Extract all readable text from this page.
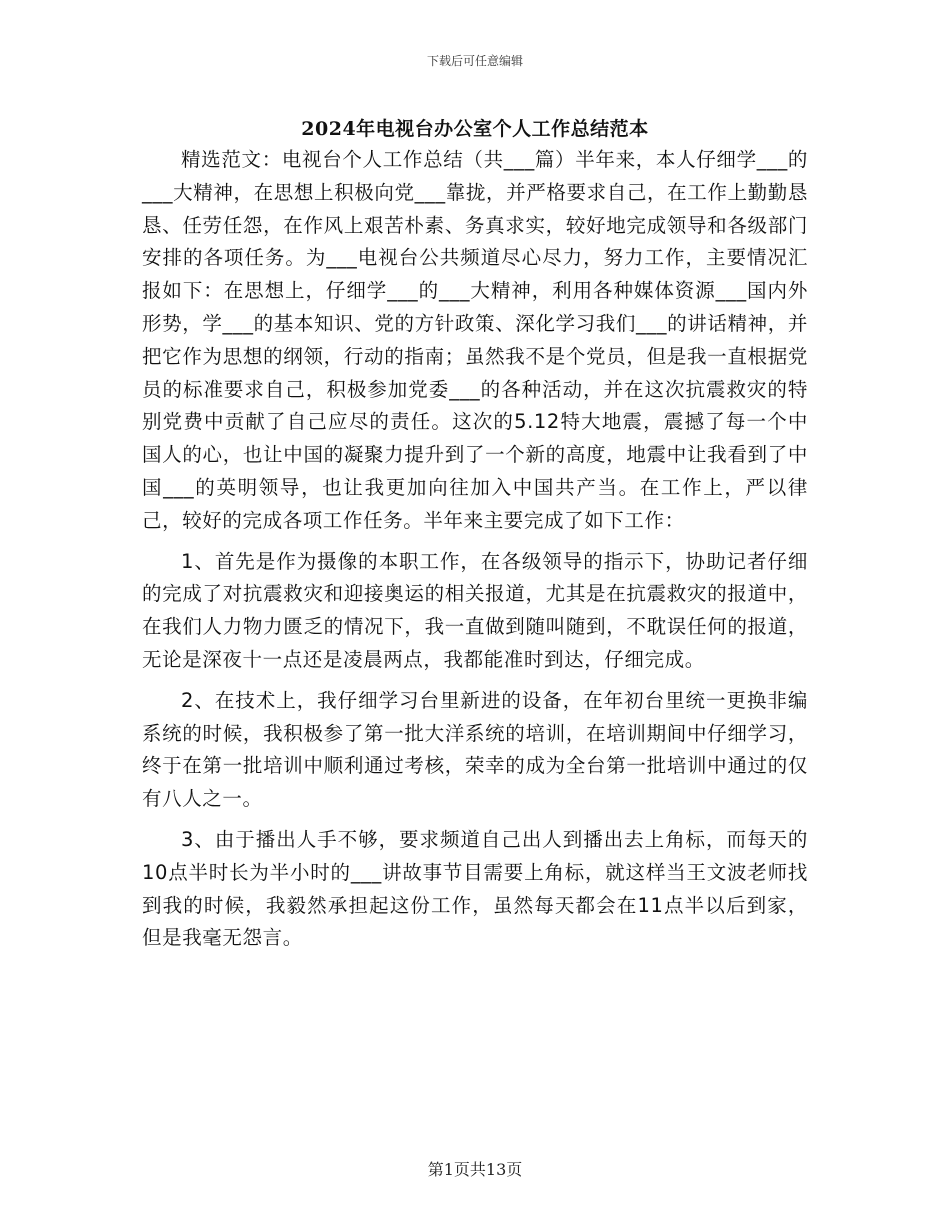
下载后可任意编辑
2024年电视台办公室个人工作总结范本

精选范文：电视台个人工作总结（共___篇）半年来，本人仔细学___的___大精神，在思想上积极向党___靠拢，并严格要求自己，在工作上勤勤恳恳、任劳任怨，在作风上艰苦朴素、务真求实，较好地完成领导和各级部门安排的各项任务。为___电视台公共频道尽心尽力，努力工作，主要情况汇报如下：在思想上，仔细学___的___大精神，利用各种媒体资源___国内外形势，学___的基本知识、党的方针政策、深化学习我们___的讲话精神，并把它作为思想的纲领，行动的指南；虽然我不是个党员，但是我一直根据党员的标准要求自己，积极参加党委___的各种活动，并在这次抗震救灾的特别党费中贡献了自己应尽的责任。这次的5.12特大地震，震撼了每一个中国人的心，也让中国的凝聚力提升到了一个新的高度，地震中让我看到了中国___的英明领导，也让我更加向往加入中国共产当。在工作上，严以律己，较好的完成各项工作任务。半年来主要完成了如下工作：

1、首先是作为摄像的本职工作，在各级领导的指示下，协助记者仔细的完成了对抗震救灾和迎接奥运的相关报道，尤其是在抗震救灾的报道中，在我们人力物力匮乏的情况下，我一直做到随叫随到，不耽误任何的报道，无论是深夜十一点还是凌晨两点，我都能准时到达，仔细完成。

2、在技术上，我仔细学习台里新进的设备，在年初台里统一更换非编系统的时候，我积极参了第一批大洋系统的培训，在培训期间中仔细学习，终于在第一批培训中顺利通过考核，荣幸的成为全台第一批培训中通过的仅有八人之一。

3、由于播出人手不够，要求频道自己出人到播出去上角标，而每天的10点半时长为半小时的___讲故事节目需要上角标，就这样当王文波老师找到我的时候，我毅然承担起这份工作，虽然每天都会在11点半以后到家，但是我毫无怨言。

第1页共13页
